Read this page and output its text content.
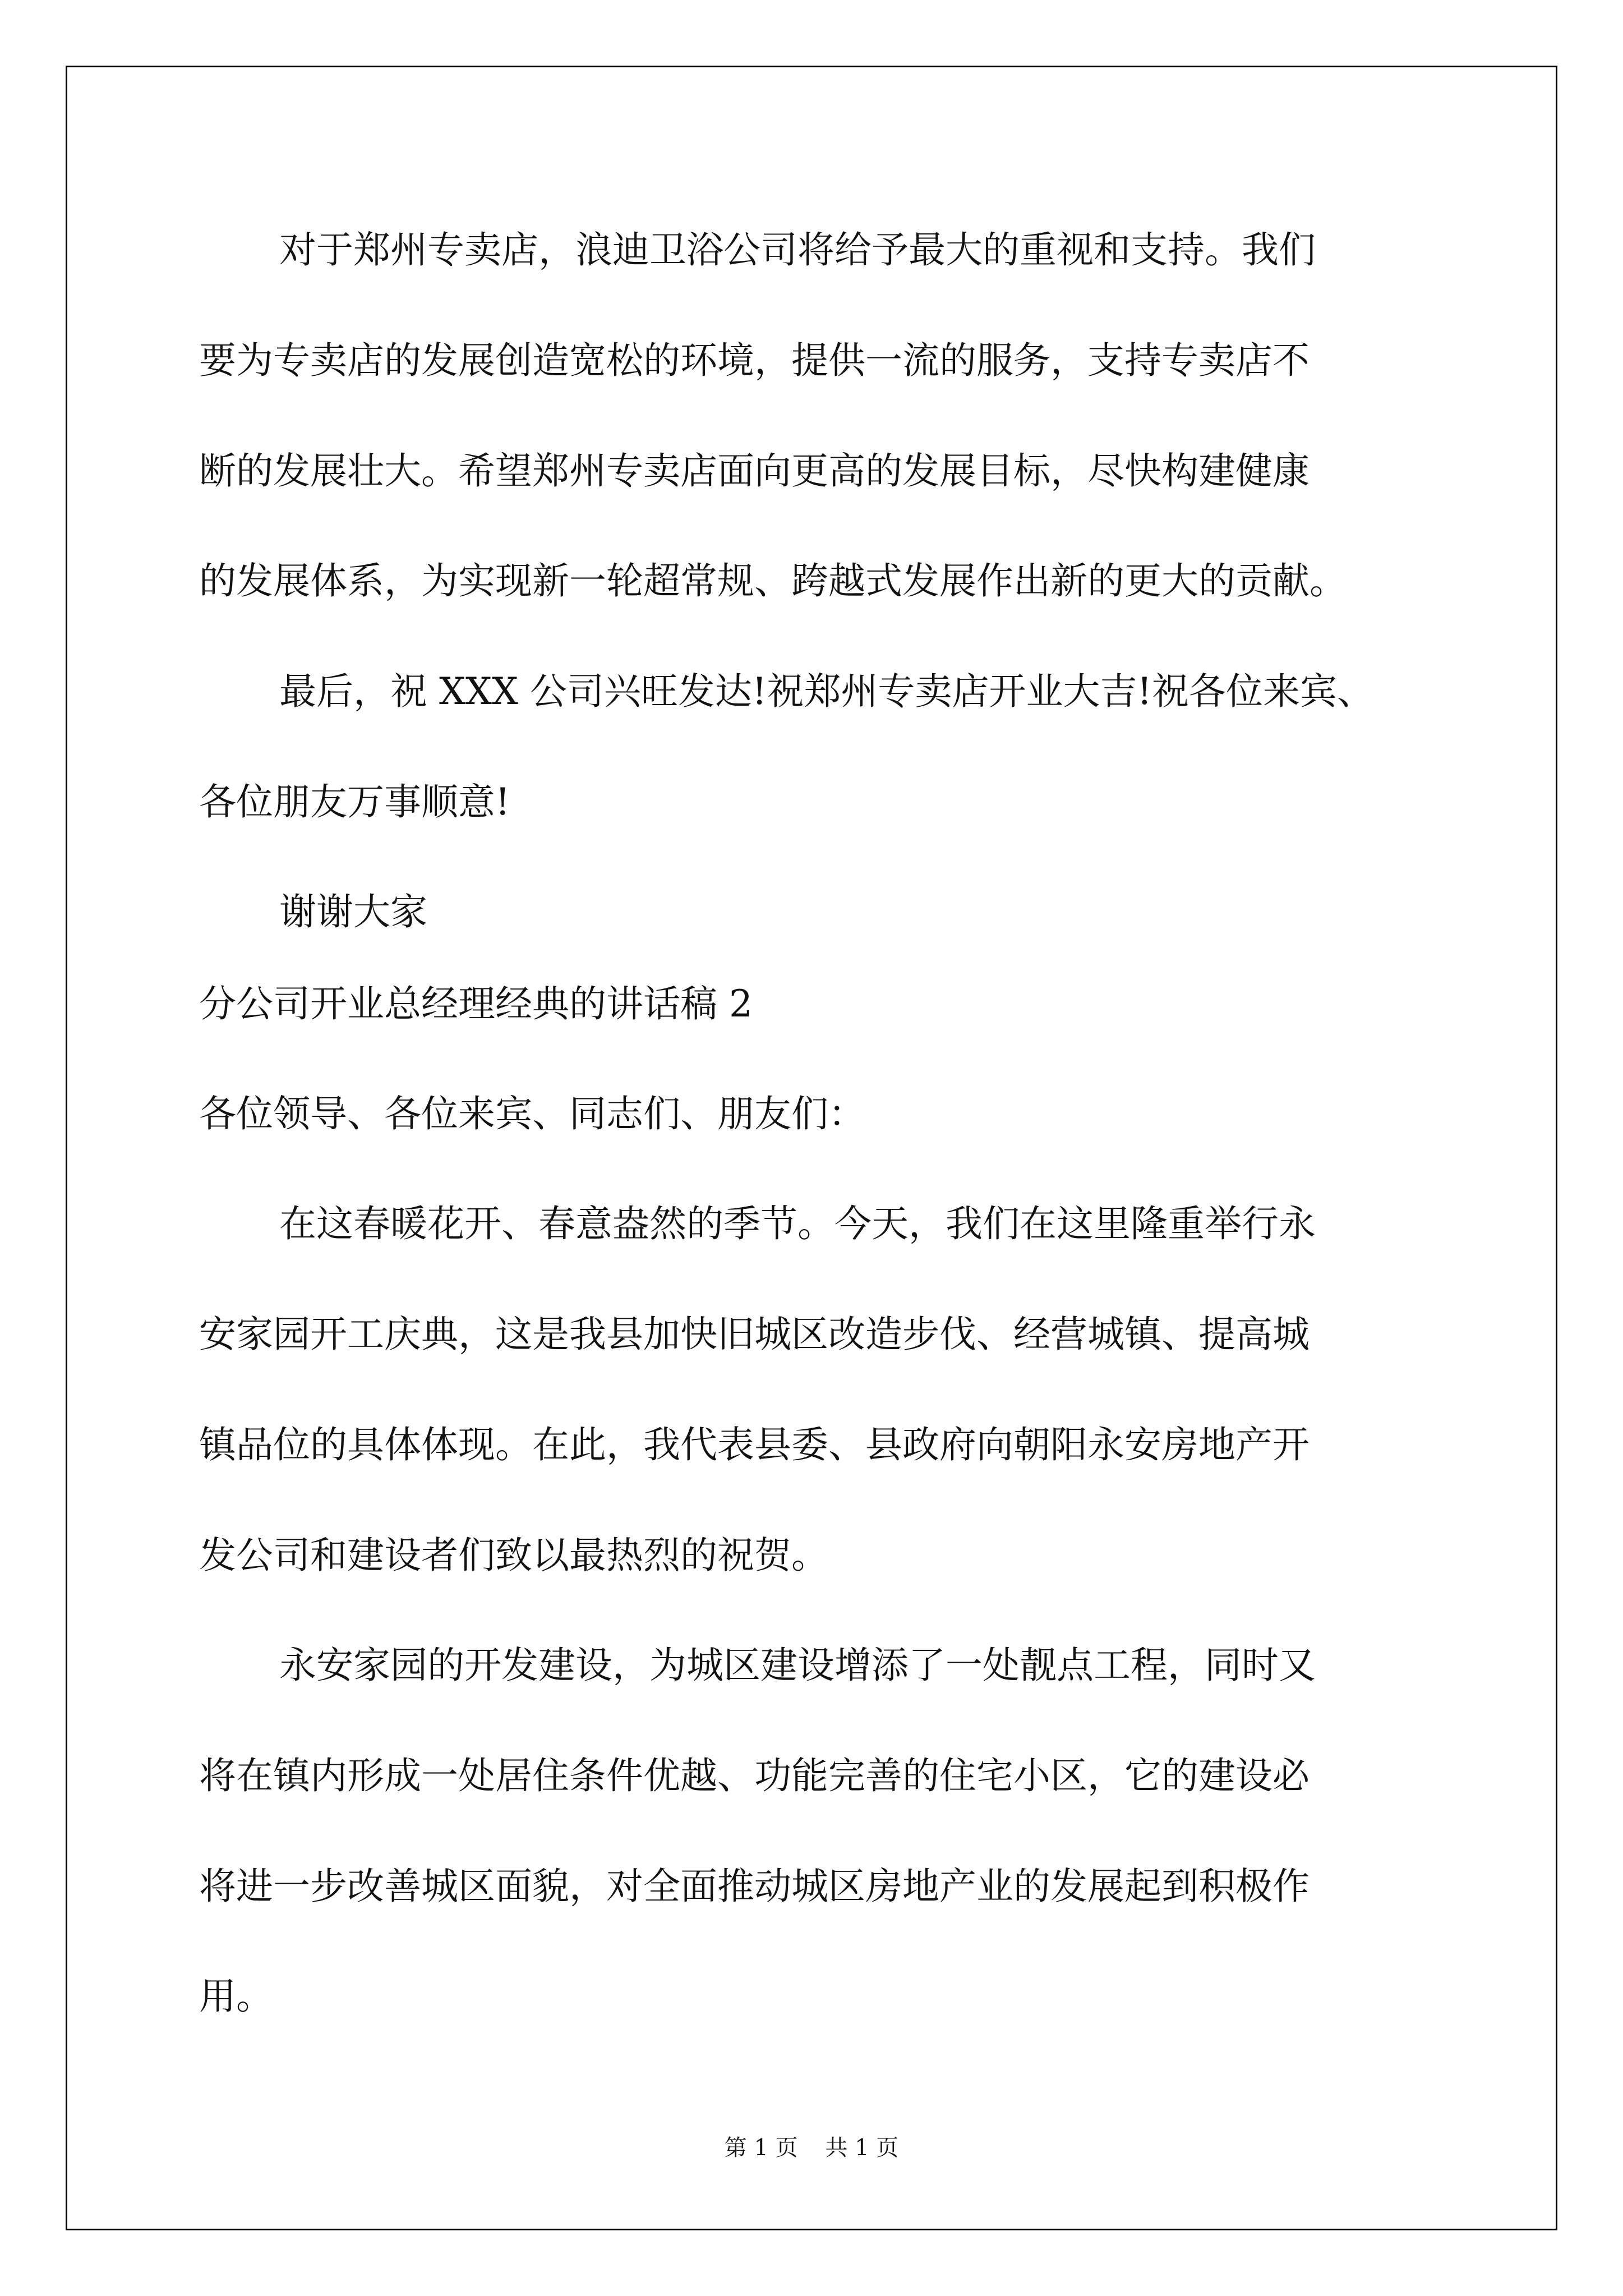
对于郑州专卖店，浪迪卫浴公司将给予最大的重视和支持。我们

要为专卖店的发展创造宽松的环境，提供一流的服务，支持专卖店不

断的发展壮大。希望郑州专卖店面向更高的发展目标，尽快构建健康

的发展体系，为实现新一轮超常规、跨越式发展作出新的更大的贡献。

最后，祝 XXX 公司兴旺发达!祝郑州专卖店开业大吉!祝各位来宾、

各位朋友万事顺意!

谢谢大家

分公司开业总经理经典的讲话稿 2

各位领导、各位来宾、同志们、朋友们：

在这春暖花开、春意盎然的季节。今天，我们在这里隆重举行永

安家园开工庆典，这是我县加快旧城区改造步伐、经营城镇、提高城

镇品位的具体体现。在此，我代表县委、县政府向朝阳永安房地产开

发公司和建设者们致以最热烈的祝贺。

永安家园的开发建设，为城区建设增添了一处靓点工程，同时又

将在镇内形成一处居住条件优越、功能完善的住宅小区，它的建设必

将进一步改善城区面貌，对全面推动城区房地产业的发展起到积极作

用。

第 1 页 共 1 页
